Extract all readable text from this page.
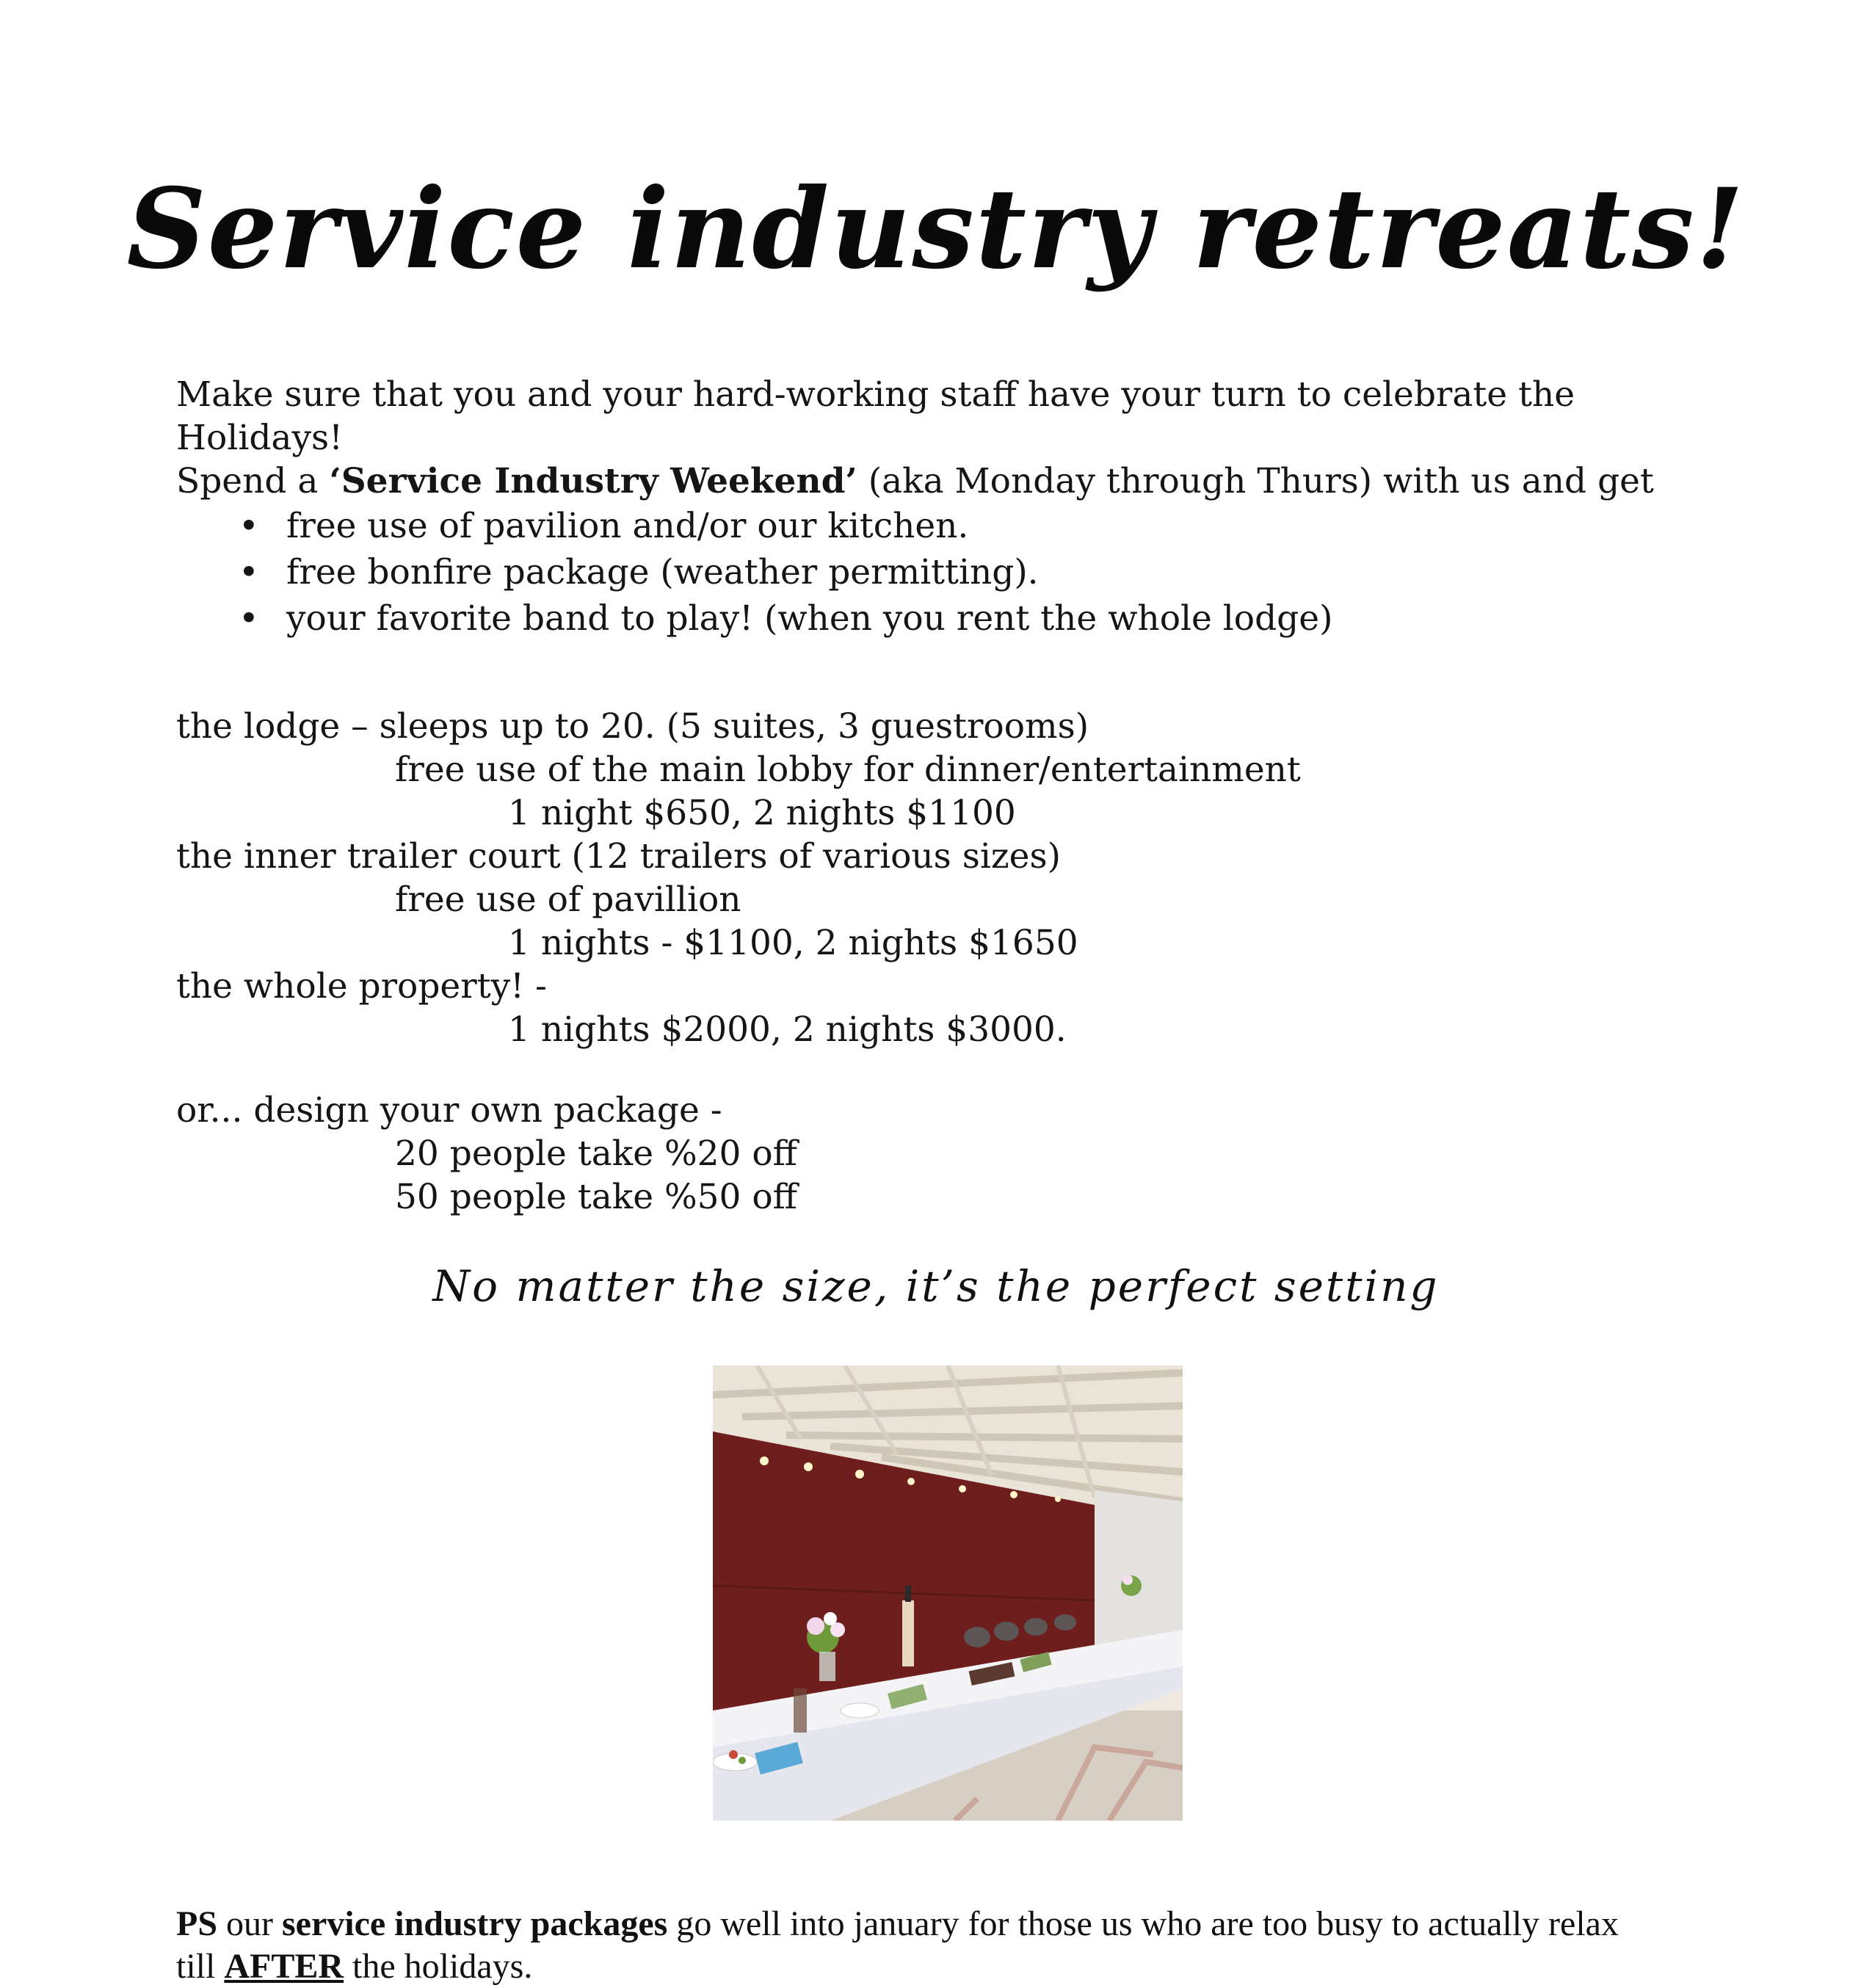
Service industry retreats!
Make sure that you and your hard-working staff have your turn to celebrate the
Holidays!
Spend a ‘Service Industry Weekend’ (aka Monday through Thurs) with us and get
• free use of pavilion and/or our kitchen.
• free bonfire package (weather permitting).
• your favorite band to play! (when you rent the whole lodge)
the lodge – sleeps up to 20. (5 suites, 3 guestrooms)
free use of the main lobby for dinner/entertainment
1 night $650, 2 nights $1100
the inner trailer court (12 trailers of various sizes)
free use of pavillion
1 nights - $1100, 2 nights $1650
the whole property! -
1 nights $2000, 2 nights $3000.
or... design your own package -
20 people take %20 off
50 people take %50 off
No matter the size, it’s the perfect setting
PS our service industry packages go well into january for those us who are too busy to actually relax
till AFTER the holidays.
